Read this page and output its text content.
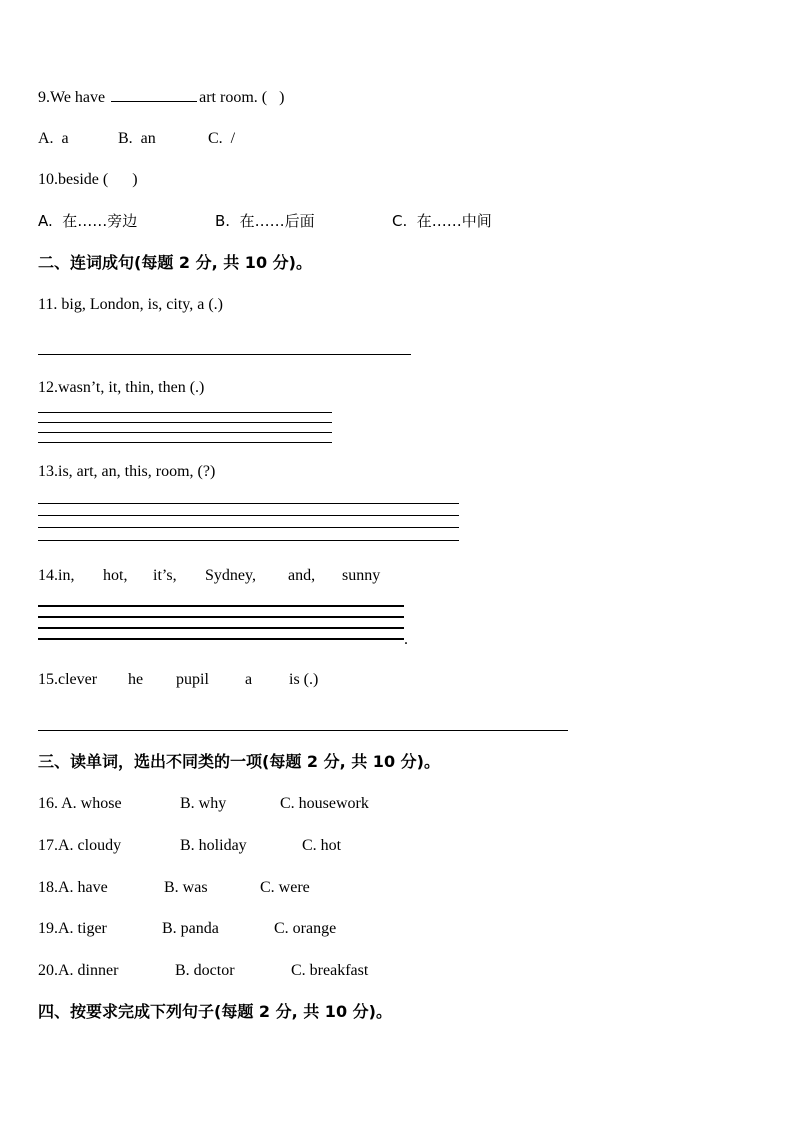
9.We have	art room. (   )
A.  a	B.  an	C.  /
10.beside (      )
A.  在……旁边	B.  在……后面	C.  在……中间
二、连词成句(每题 2 分, 共 10 分)。
11. big, London, is, city, a (.)
12.wasn’t, it, thin, then (.)
13.is, art, an, this, room, (?)
14.in, hot, it’s, Sydney, and, sunny
.
15.clever he pupil a is (.)
三、读单词，选出不同类的一项(每题 2 分, 共 10 分)。
16. A. whose	B. why	C. housework
17.A. cloudy	B. holiday	C. hot
18.A. have	B. was	C. were
19.A. tiger	B. panda	C. orange
20.A. dinner	B. doctor	C. breakfast
四、按要求完成下列句子(每题 2 分, 共 10 分)。
